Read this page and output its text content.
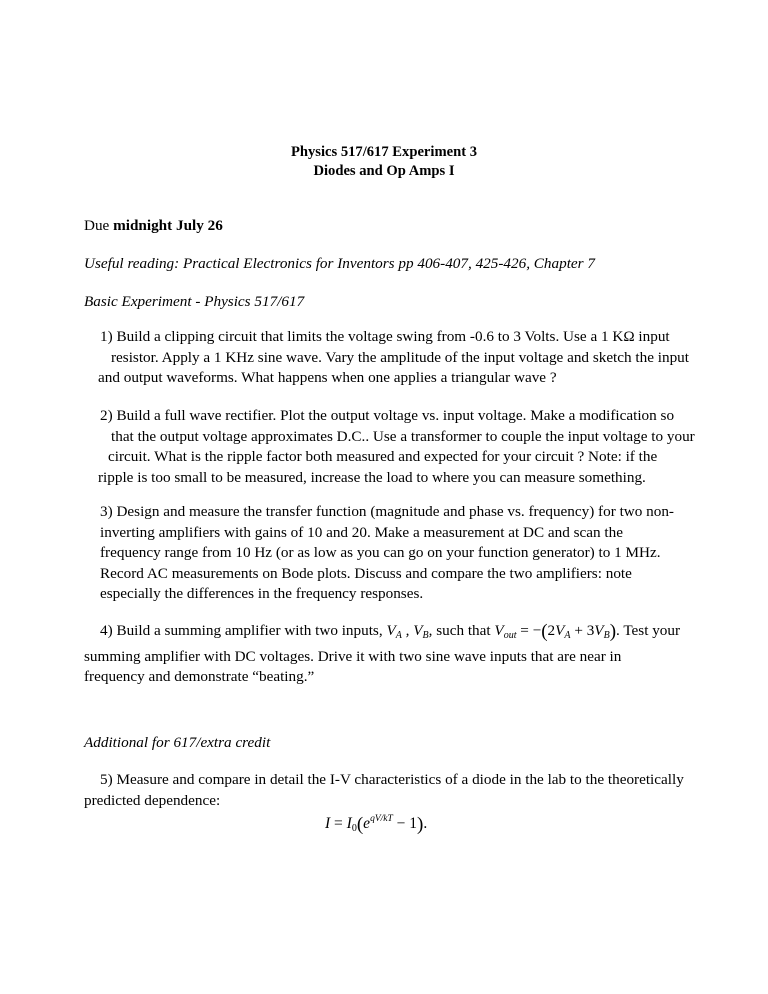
Physics 517/617 Experiment 3
Diodes and Op Amps I
Due midnight July 26
Useful reading: Practical Electronics for Inventors pp 406-407, 425-426, Chapter 7
Basic Experiment - Physics 517/617
1) Build a clipping circuit that limits the voltage swing from -0.6 to 3 Volts. Use a 1 KΩ input
resistor. Apply a 1 KHz sine wave. Vary the amplitude of the input voltage and sketch the input
and output waveforms. What happens when one applies a triangular wave ?
2) Build a full wave rectifier. Plot the output voltage vs. input voltage. Make a modification so
that the output voltage approximates D.C.. Use a transformer to couple the input voltage to your
circuit. What is the ripple factor both measured and expected for your circuit ? Note: if the
ripple is too small to be measured, increase the load to where you can measure something.
3) Design and measure the transfer function (magnitude and phase vs. frequency) for two non-
inverting amplifiers with gains of 10 and 20. Make a measurement at DC and scan the
frequency range from 10 Hz (or as low as you can go on your function generator) to 1 MHz.
Record AC measurements on Bode plots. Discuss and compare the two amplifiers: note
especially the differences in the frequency responses.
4) Build a summing amplifier with two inputs, $V_A$ , $V_B$, such that $V_{out} = -(2V_A + 3V_B)$. Test your
summing amplifier with DC voltages. Drive it with two sine wave inputs that are near in
frequency and demonstrate “beating.”
Additional for 617/extra credit
5) Measure and compare in detail the I-V characteristics of a diode in the lab to the theoretically
predicted dependence:
$I = I_0(e^{qV/kT} - 1)$.
